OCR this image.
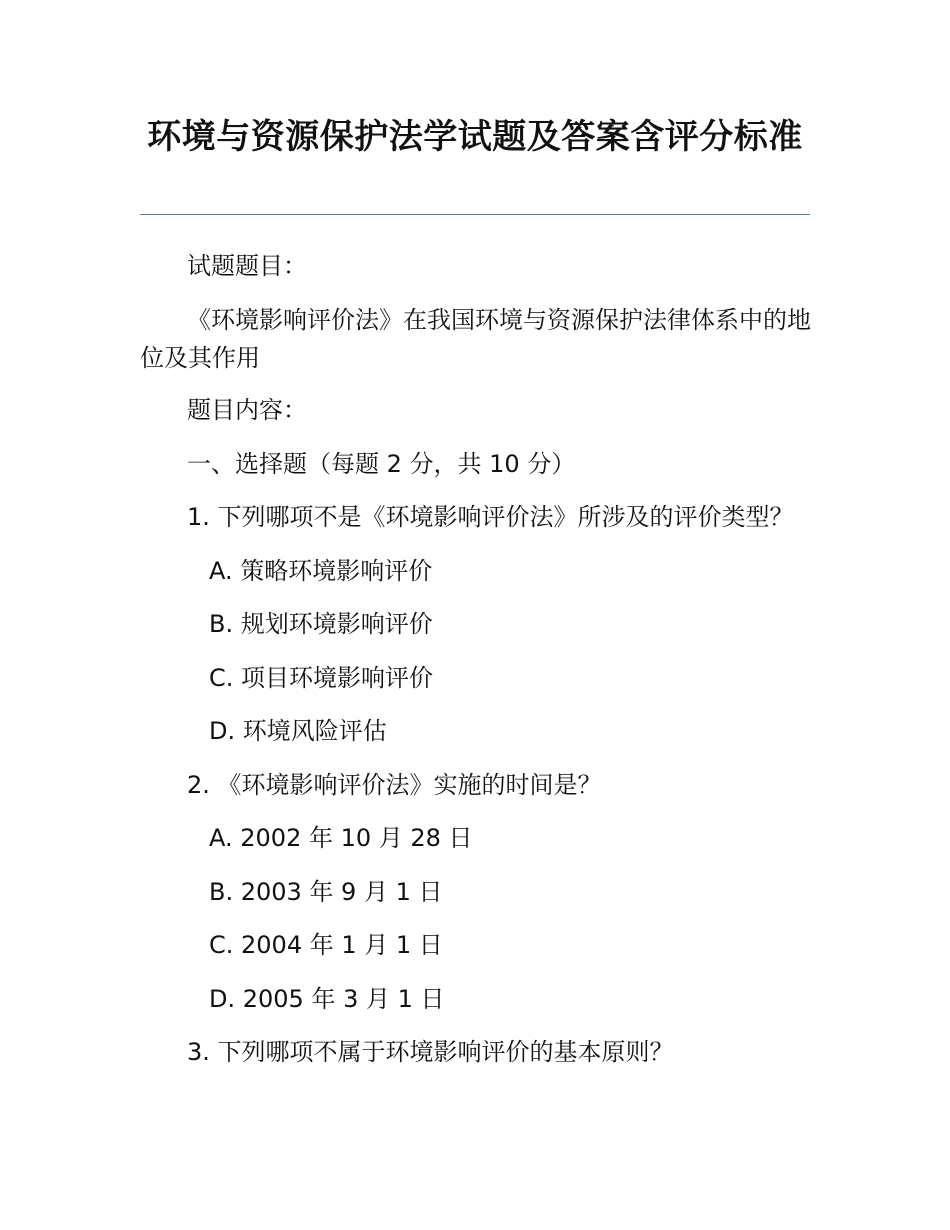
环境与资源保护法学试题及答案含评分标准
试题题目：
《环境影响评价法》在我国环境与资源保护法律体系中的地位及其作用
题目内容：
一、选择题（每题 2 分，共 10 分）
1. 下列哪项不是《环境影响评价法》所涉及的评价类型？
A. 策略环境影响评价
B. 规划环境影响评价
C. 项目环境影响评价
D. 环境风险评估
2. 《环境影响评价法》实施的时间是？
A. 2002 年 10 月 28 日
B. 2003 年 9 月 1 日
C. 2004 年 1 月 1 日
D. 2005 年 3 月 1 日
3. 下列哪项不属于环境影响评价的基本原则？
